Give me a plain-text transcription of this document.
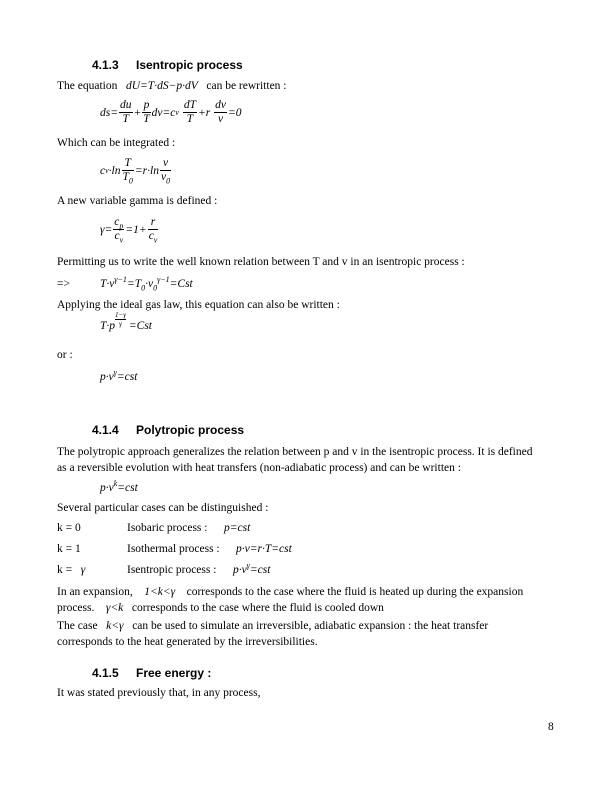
4.1.3 Isentropic process
The equation dU=T·dS−p·dV can be rewritten :
$ds= \frac{du}{T} + \frac{p}{T} dv=c$ v
$\frac{dT}{T} +r \frac{dv}{v} =0$
Which can be integrated :
c $v \cdot\ln \frac{T}{T_0} =r\cdot\ln \frac{v}{v_0}$
A new variable gamma is defined :
$\gamma= \frac{c_p}{c_v} =1+ \frac{r}{c_v}$
Permitting us to write the well known relation between T and v in an isentropic process :
=>	$T\cdot v^{\gamma-1}=T_0\cdot v_0^{\gamma-1}=Cst$
Applying the ideal gas law, this equation can also be written :
$T\cdot p \frac{1-\gamma}{\gamma} =Cst$
or :
$p\cdot v^\gamma=cst$
4.1.4 Polytropic process
The polytropic approach generalizes the relation between p and v in the isentropic process. It is defined as a reversible evolution with heat transfers (non-adiabatic process) and can be written :
$p\cdot v^k=cst$
Several particular cases can be distinguished :
k = 0	Isobaric process : p=cst
k = 1	Isothermal process : p·v=r·T=cst
k = γ	Isentropic process : $p\cdot v^\gamma=cst$
In an expansion, 1<k<γ corresponds to the case where the fluid is heated up during the expansion process. γ<k corresponds to the case where the fluid is cooled down
The case k<γ can be used to simulate an irreversible, adiabatic expansion : the heat transfer corresponds to the heat generated by the irreversibilities.
4.1.5 Free energy :
It was stated previously that, in any process,
8
